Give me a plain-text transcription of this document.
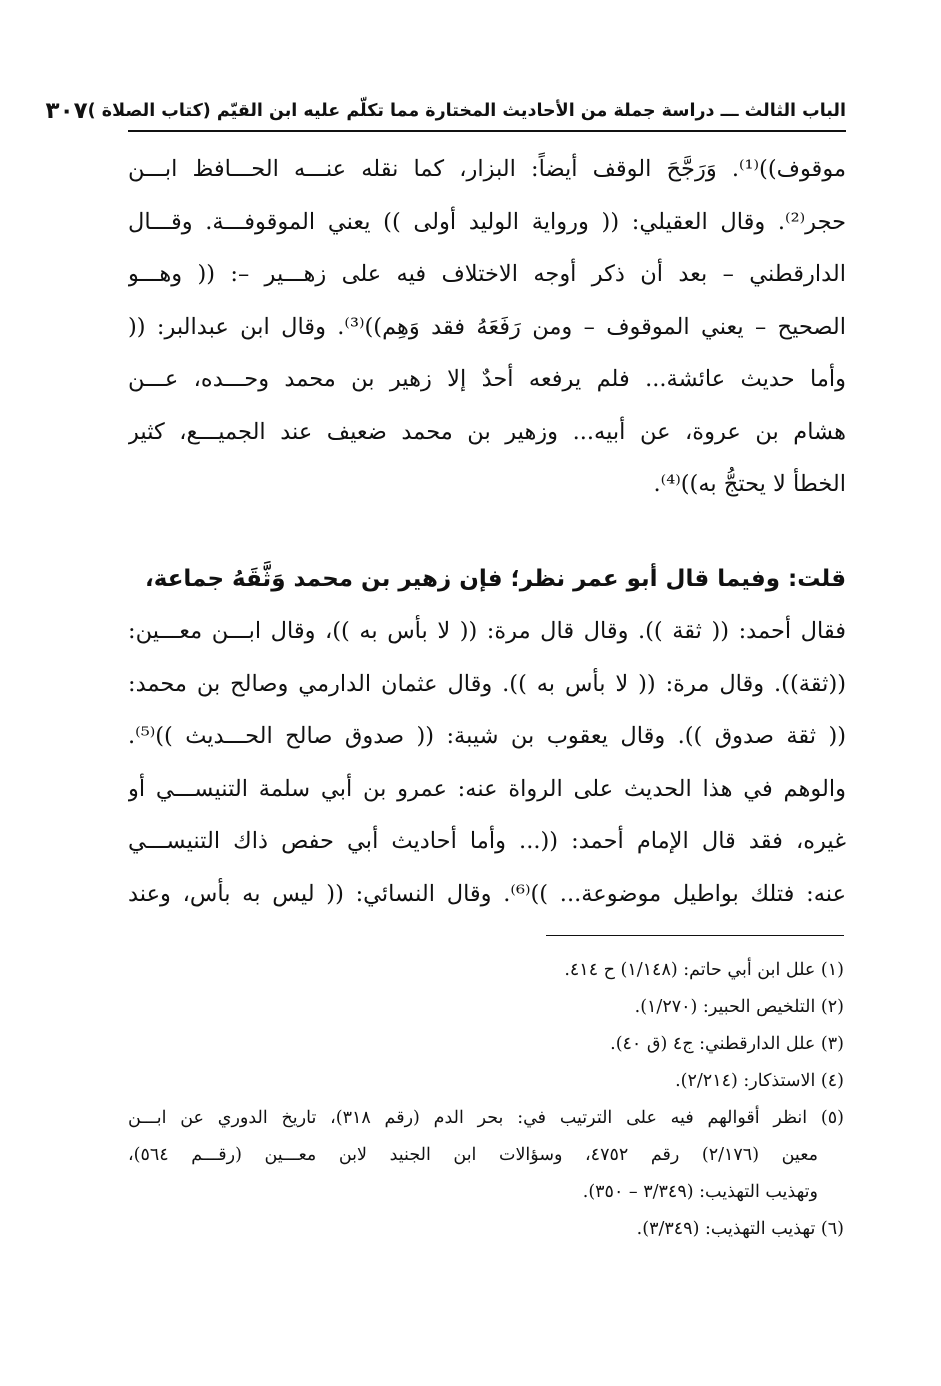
الباب الثالث ـــ دراسة جملة من الأحاديث المختارة مما تكلّم عليه ابن القيّم (كتاب الصلاة )
٣٠٧
موقوف))⁽¹⁾. وَرَجَّحَ الوقف أيضاً: البزار، كما نقله عنـــه الحـــافظ ابـــن
حجر⁽²⁾. وقال العقيلي: (( ورواية الوليد أولى )) يعني الموقوفـــة. وقـــال
الدارقطني – بعد أن ذكر أوجه الاختلاف فيه على زهـــير –: (( وهـــو
الصحيح – يعني الموقوف – ومن رَفَعَهُ فقد وَهِم))⁽³⁾. وقال ابن عبدالبر: ((
وأما حديث عائشة... فلم يرفعه أحدٌ إلا زهير بن محمد وحـــده، عـــن
هشام بن عروة، عن أبيه... وزهير بن محمد ضعيف عند الجميـــع، كثير
الخطأ لا يحتجُّ به))⁽⁴⁾.
قلت: وفيما قال أبو عمر نظر؛ فإن زهير بن محمد وَثَّقَهُ جماعة،
فقال أحمد: (( ثقة )). وقال قال مرة: (( لا بأس به ))، وقال ابـــن معـــين:
((ثقة)). وقال مرة: (( لا بأس به )). وقال عثمان الدارمي وصالح بن محمد:
(( ثقة صدوق )). وقال يعقوب بن شيبة: (( صدوق صالح الحـــديث ))⁽⁵⁾.
والوهم في هذا الحديث على الرواة عنه: عمرو بن أبي سلمة التنيســـي أو
غيره، فقد قال الإمام أحمد: ((... وأما أحاديث أبي حفص ذاك التنيســـي
عنه: فتلك بواطيل موضوعة... ))⁽⁶⁾. وقال النسائي: (( ليس به بأس، وعند
(١) علل ابن أبي حاتم: (١/١٤٨) ح ٤١٤.
(٢) التلخيص الحبير: (١/٢٧٠).
(٣) علل الدارقطني: ج٤ (ق ٤٠).
(٤) الاستذكار: (٢/٢١٤).
(٥) انظر أقوالهم فيه على الترتيب في: بحر الدم (رقم ٣١٨)، تاريخ الدوري عن ابـــن
معين (٢/١٧٦) رقم ٤٧٥٢، وسؤالات ابن الجنيد لابن معـــين (رقـــم ٥٦٤)،
وتهذيب التهذيب: (٣/٣٤٩ – ٣٥٠).
(٦) تهذيب التهذيب: (٣/٣٤٩).
